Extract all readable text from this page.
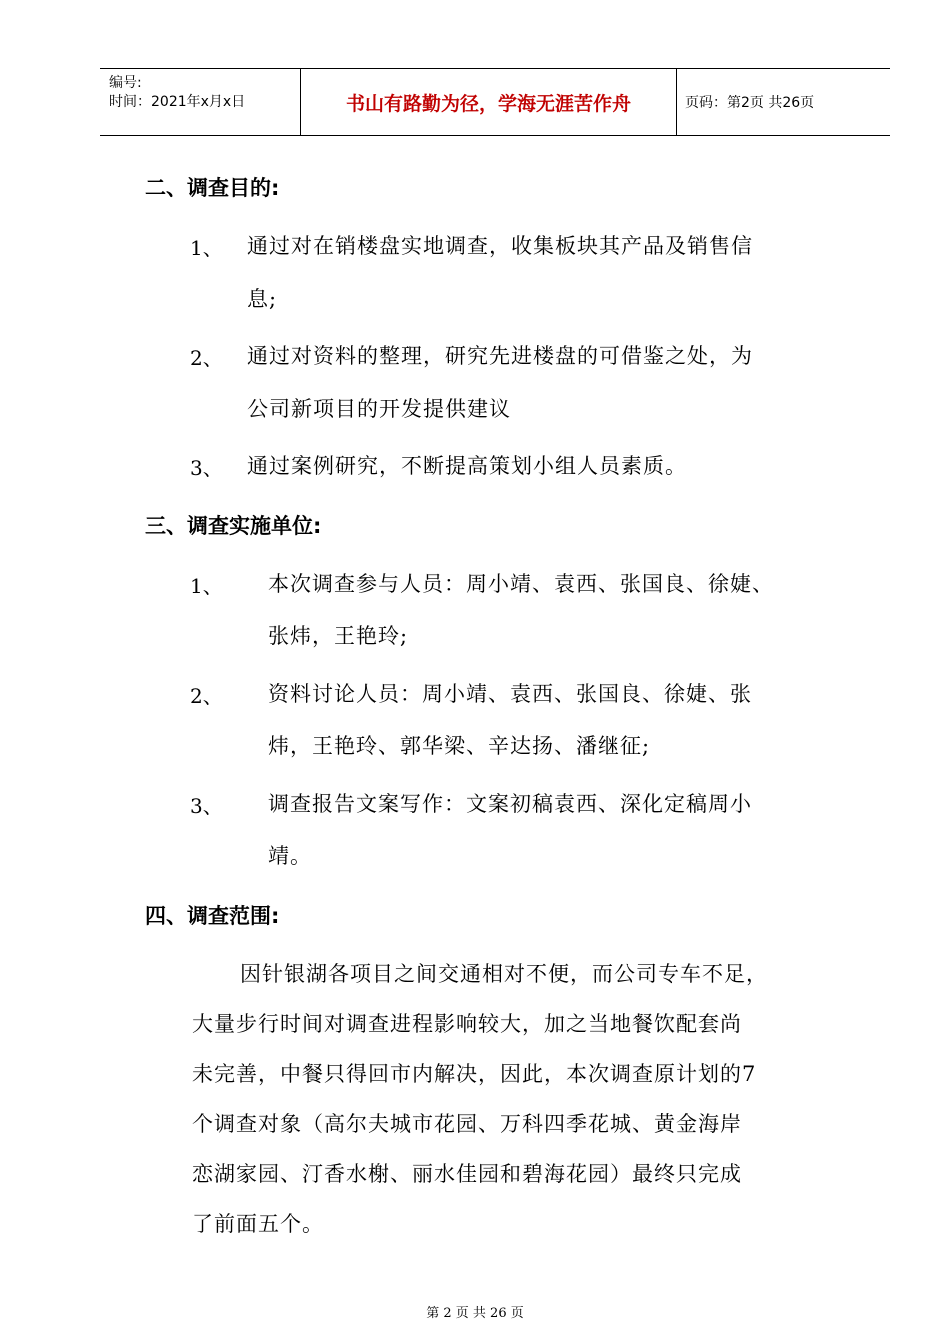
编号:
时间：2021年x月x日	书山有路勤为径，学海无涯苦作舟	页码：第2页 共26页
二、调查目的:
1、 通过对在销楼盘实地调查，收集板块其产品及销售信
息;
2、 通过对资料的整理，研究先进楼盘的可借鉴之处，为
公司新项目的开发提供建议
3、 通过案例研究，不断提高策划小组人员素质。
三、调查实施单位:
1、 本次调查参与人员：周小靖、袁西、张国良、徐婕、
张炜，王艳玲;
2、 资料讨论人员：周小靖、袁西、张国良、徐婕、张
炜，王艳玲、郭华梁、辛达扬、潘继征;
3、 调查报告文案写作：文案初稿袁西、深化定稿周小
靖。
四、调查范围:
因针银湖各项目之间交通相对不便，而公司专车不足，
大量步行时间对调查进程影响较大，加之当地餐饮配套尚
未完善，中餐只得回市内解决，因此，本次调查原计划的7
个调查对象（高尔夫城市花园、万科四季花城、黄金海岸
恋湖家园、汀香水榭、丽水佳园和碧海花园）最终只完成
了前面五个。
第 2 页 共 26 页
